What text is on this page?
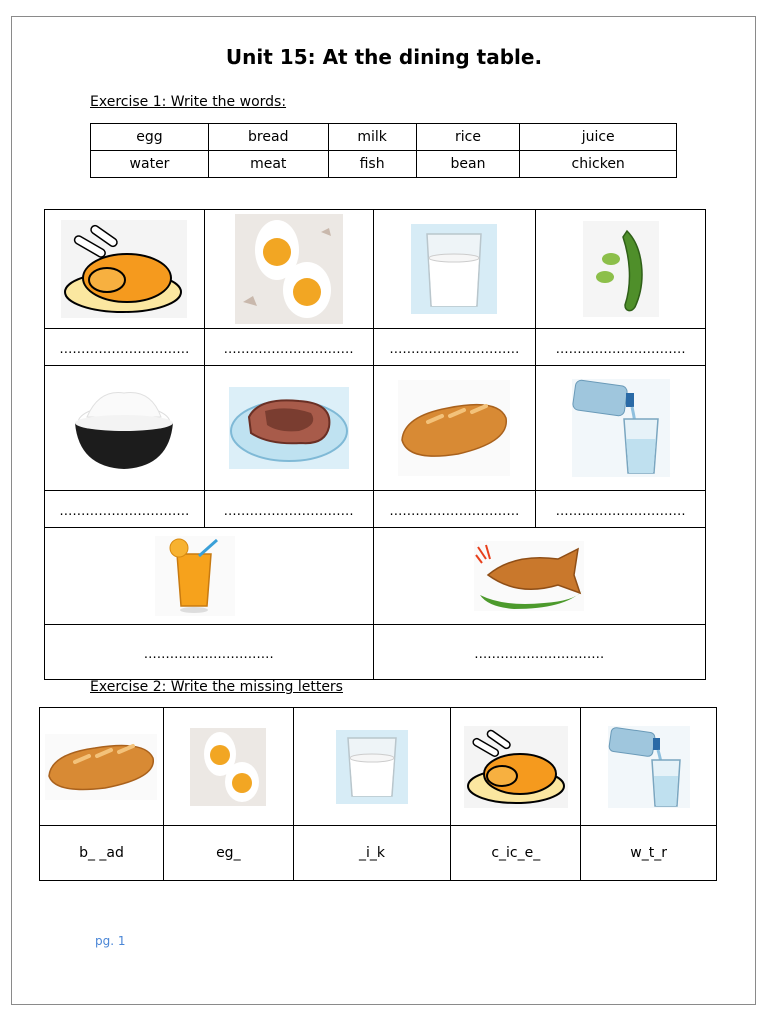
Unit 15: At the dining table.
Exercise 1: Write the words:
egg	bread	milk	rice	juice
water	meat	fish	bean	chicken

…………………………	…………………………	…………………………	…………………………

…………………………	…………………………	…………………………	…………………………

…………………………		…………………………	
Exercise 2: Write the missing letters

b_ _ad	eg_	_i_k	c_ic_e_	w_t_r
pg. 1
